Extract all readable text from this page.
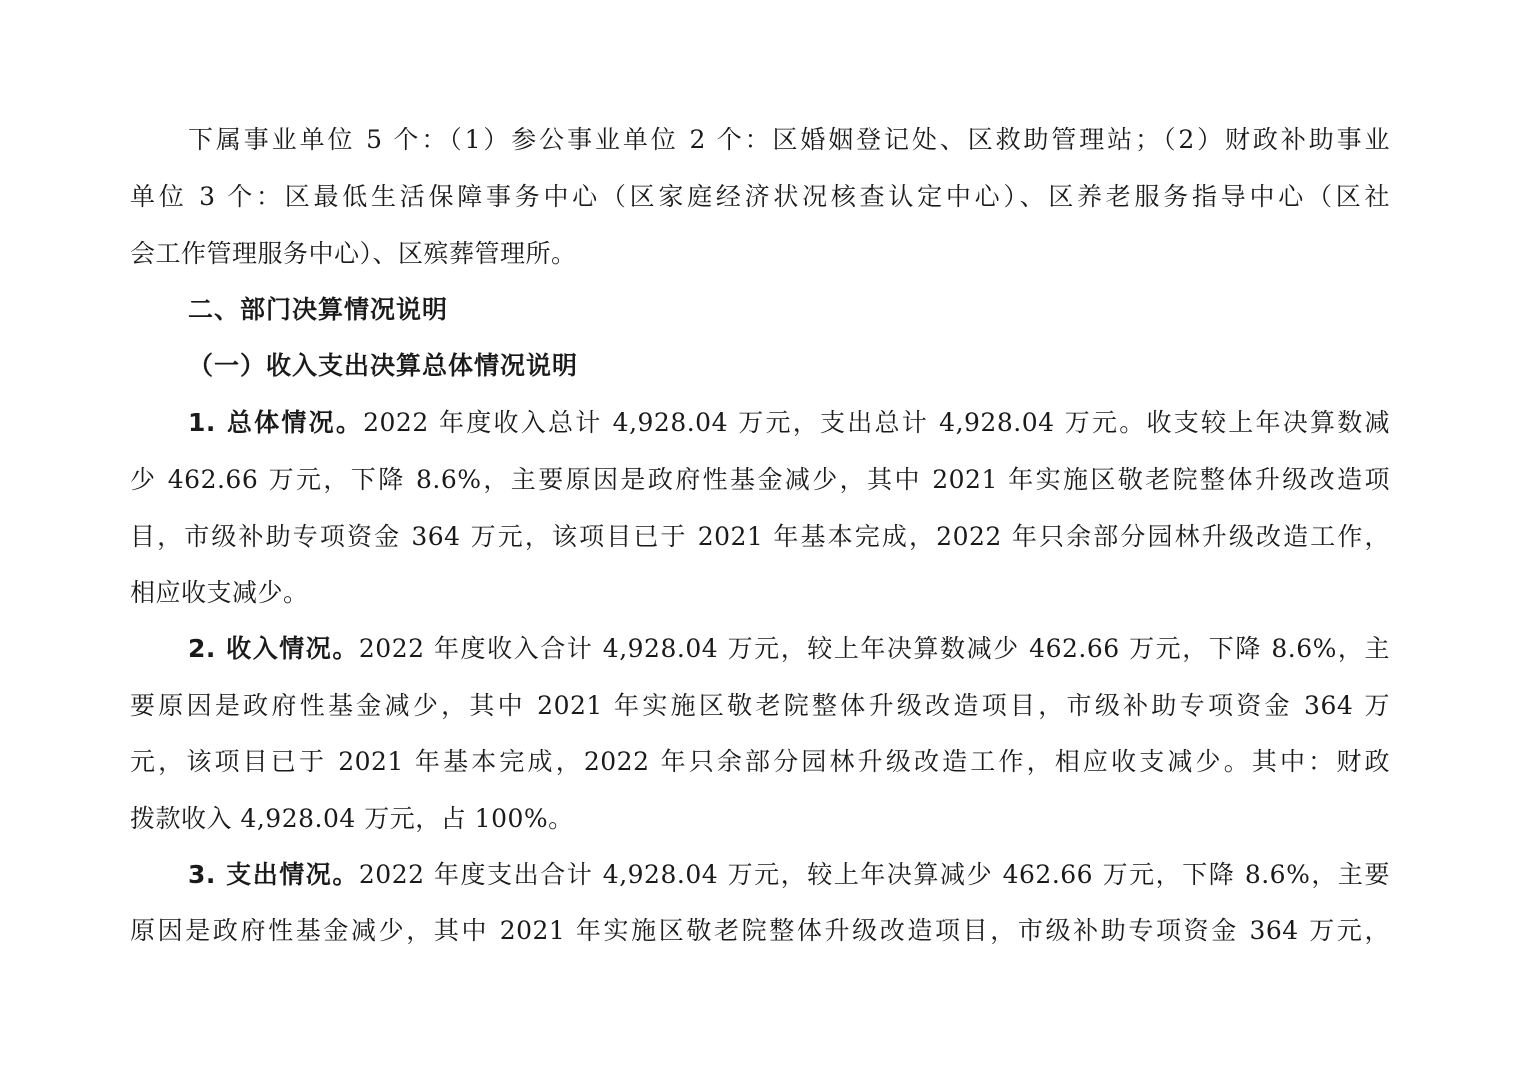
下属事业单位 5 个：（1）参公事业单位 2 个：区婚姻登记处、区救助管理站；（2）财政补助事业
单位 3 个：区最低生活保障事务中心（区家庭经济状况核查认定中心）、区养老服务指导中心（区社
会工作管理服务中心）、区殡葬管理所。
二、部门决算情况说明
（一）收入支出决算总体情况说明
1. 总体情况。2022 年度收入总计 4,928.04 万元，支出总计 4,928.04 万元。收支较上年决算数减
少 462.66 万元，下降 8.6%，主要原因是政府性基金减少，其中 2021 年实施区敬老院整体升级改造项
目，市级补助专项资金 364 万元，该项目已于 2021 年基本完成，2022 年只余部分园林升级改造工作，
相应收支减少。
2. 收入情况。2022 年度收入合计 4,928.04 万元，较上年决算数减少 462.66 万元，下降 8.6%，主
要原因是政府性基金减少，其中 2021 年实施区敬老院整体升级改造项目，市级补助专项资金 364 万
元，该项目已于 2021 年基本完成，2022 年只余部分园林升级改造工作，相应收支减少。其中：财政
拨款收入 4,928.04 万元，占 100%。
3. 支出情况。2022 年度支出合计 4,928.04 万元，较上年决算减少 462.66 万元，下降 8.6%，主要
原因是政府性基金减少，其中 2021 年实施区敬老院整体升级改造项目，市级补助专项资金 364 万元，
